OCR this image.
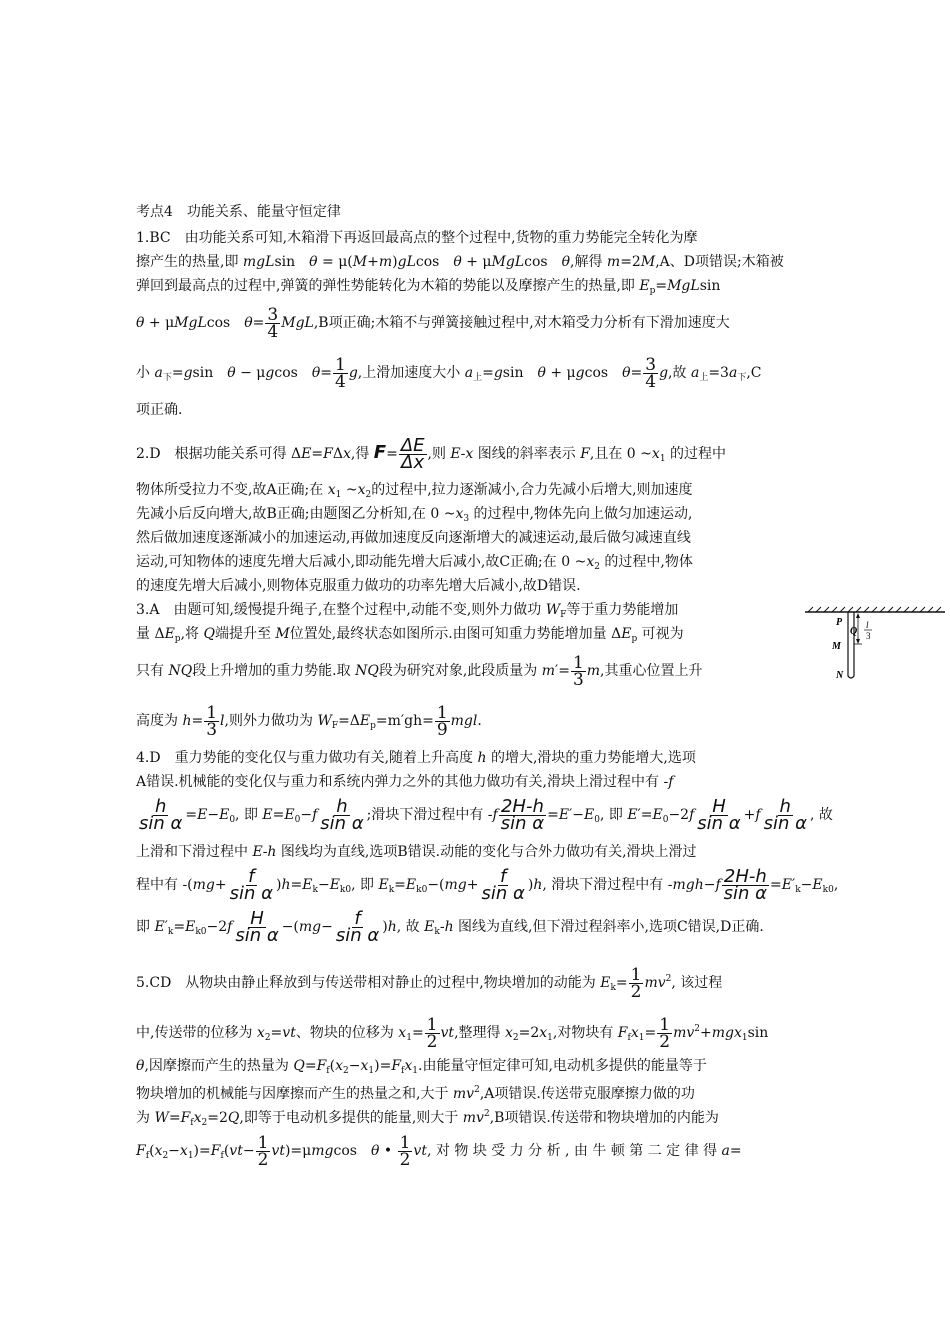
考点4　功能关系、能量守恒定律
1.BC　由功能关系可知,木箱滑下再返回最高点的整个过程中,货物的重力势能完全转化为摩
擦产生的热量,即 mgLsin　θ = μ(M+m)gLcos　θ + μMgLcos　θ,解得 m=2M,A、D项错误;木箱被
弹回到最高点的过程中,弹簧的弹性势能转化为木箱的势能以及摩擦产生的热量,即 $E_p=MgLsin$
θ + μMgLcos　$\theta= \frac{3}{4} MgL,B$项正确;木箱不与弹簧接触过程中,对木箱受力分析有下滑加速度大
小 $a_下=gsin$　θ − μgcos　$\theta= \frac{1}{4} g$,上滑加速度大小 $a_上=gsin$　θ + μgcos　$\theta= \frac{3}{4} g$,故 $a_上=3a_下,C$
项正确.
2.D　根据功能关系可得 ΔE=FΔx,得 $F= \frac{\Delta E}{\Delta x}$ ,则 E-x 图线的斜率表示 F,且在 0 $\sim x_1$ 的过程中
物体所受拉力不变,故A正确;在 $x_1$ $\sim x_2$的过程中,拉力逐渐减小,合力先减小后增大,则加速度
先减小后反向增大,故B正确;由题图乙分析知,在 0 $\sim x_3$ 的过程中,物体先向上做匀加速运动,
然后做加速度逐渐减小的加速运动,再做加速度反向逐渐增大的减速运动,最后做匀减速直线
运动,可知物体的速度先增大后减小,即动能先增大后减小,故C正确;在 0 $\sim x_2$ 的过程中,物体
的速度先增大后减小,则物体克服重力做功的功率先增大后减小,故D错误.
3.A　由题可知,缓慢提升绳子,在整个过程中,动能不变,则外力做功 $W_F$等于重力势能增加
量 $\Delta E_p$,将 Q端提升至 M位置处,最终状态如图所示.由图可知重力势能增加量 $\Delta E_p$ 可视为
只有 NQ段上升增加的重力势能.取 NQ段为研究对象,此段质量为 $m'= \frac{1}{3} m$,其重心位置上升
高度为 $h= \frac{1}{3} l$,则外力做功为 $W_F=\Delta E_p=m'gh= \frac{1}{9}$ mgl.
4.D　重力势能的变化仅与重力做功有关,随着上升高度 h 的增大,滑块的重力势能增大,选项
A错误.机械能的变化仅与重力和系统内弹力之外的其他力做功有关,滑块上滑过程中有 -f
$\frac{h}{\text{sin α}} =E-E_0$, 即 $E=E_0-f \frac{h}{\text{sin α}}$ ;滑块下滑过程中有 $-f \frac{2H-h}{\text{sin α}} =E'-E_0$, 即 $E'=E_0-2f \frac{H}{\text{sin α}} +f \frac{h}{\text{sin α}}$ , 故
上滑和下滑过程中 E-h 图线均为直线,选项B错误.动能的变化与合外力做功有关,滑块上滑过
程中有 $-(mg+ \frac{f}{\text{sin α}} )h=E_k-E_{k0}$, 即 $E_k=E_{k0}-(mg+ \frac{f}{\text{sin α}} )h$, 滑块下滑过程中有 $-mgh-f \frac{2H-h}{\text{sin α}} =E'_k-E_{k0}$,
即 $E'_k=E_{k0}-2f \frac{H}{\text{sin α}} -(mg- \frac{f}{\text{sin α}} )h$, 故 $E_k-h$ 图线为直线,但下滑过程斜率小,选项C错误,D正确.
5.CD　从物块由静止释放到与传送带相对静止的过程中,物块增加的动能为 $E_k= \frac{1}{2} mv^2$, 该过程
中,传送带的位移为 $x_2=vt$、物块的位移为 $x_1= \frac{1}{2}$ vt,整理得 $x_2=2x_1$,对物块有 $F_fx_1= \frac{1}{2} mv^2+mgx_1\sin$
θ,因摩擦而产生的热量为 $Q=F_f(x_2-x_1)=F_fx_1$.由能量守恒定律可知,电动机多提供的能量等于
物块增加的机械能与因摩擦而产生的热量之和,大于 $mv^2,A$项错误.传送带克服摩擦力做的功
为 $W=F_fx_2=2Q$,即等于电动机多提供的能量,则大于 $mv^2,B$项错误.传送带和物块增加的内能为
$F_f(x_2-x_1)=F_f(vt- \frac{1}{2} vt)=\mu mgcos$　θ • $\frac{1}{2}$ vt, 对 物 块 受 力 分 析 , 由 牛 顿 第 二 定 律 得 a=
P
Q
M
N
l
3
